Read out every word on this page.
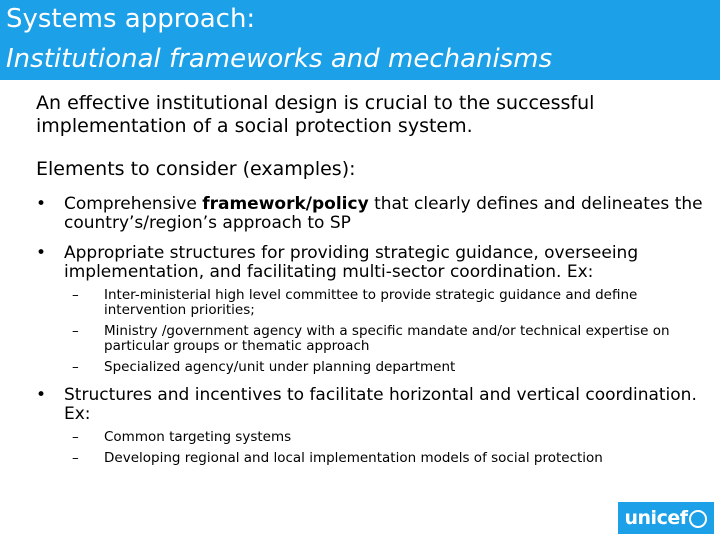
Systems approach:
Institutional frameworks and mechanisms

An effective institutional design is crucial to the successful implementation of a social protection system.

Elements to consider (examples):

• Comprehensive framework/policy that clearly defines and delineates the country’s/region’s approach to SP
• Appropriate structures for providing strategic guidance, overseeing implementation, and facilitating multi-sector coordination. Ex:
– Inter-ministerial high level committee to provide strategic guidance and define intervention priorities;
– Ministry /government agency with a specific mandate and/or technical expertise on particular groups or thematic approach
– Specialized agency/unit under planning department
• Structures and incentives to facilitate horizontal and vertical coordination. Ex:
– Common targeting systems
– Developing regional and local implementation models of social protection
unicef
